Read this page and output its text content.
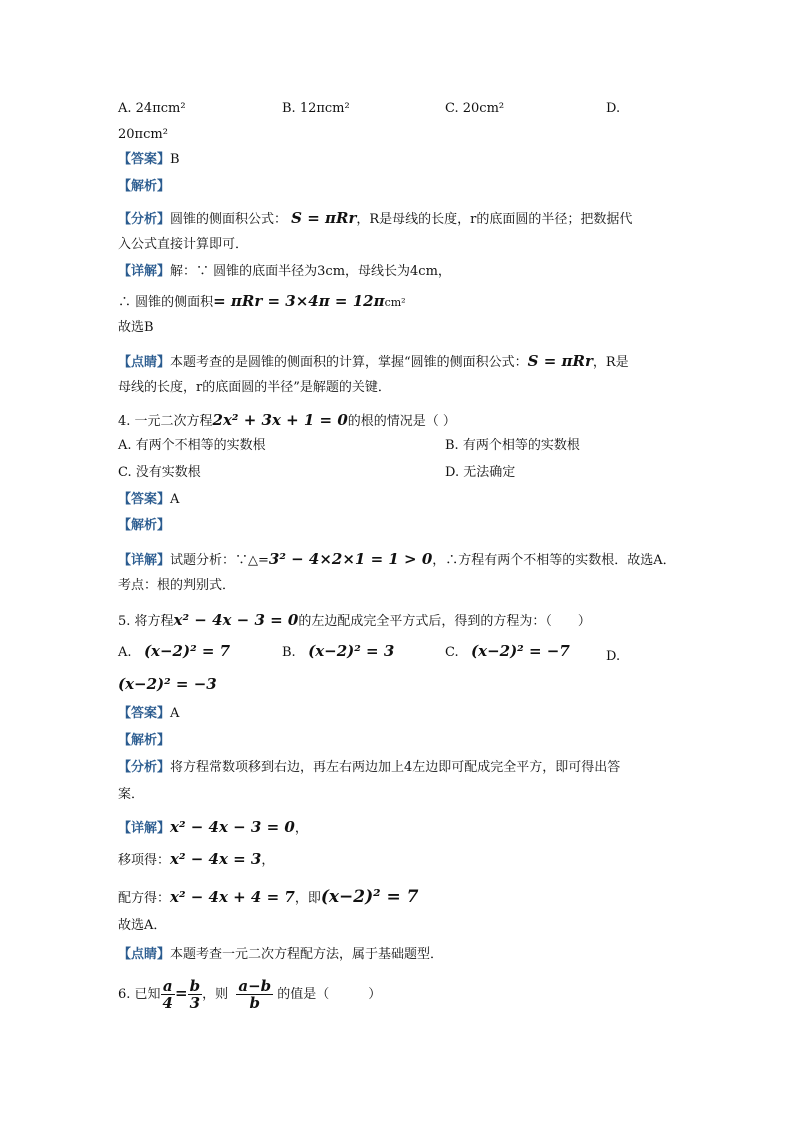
A. 24πcm²	B. 12πcm²	C. 20cm²	D.
20πcm²
【答案】B
【解析】
【分析】圆锥的侧面积公式： S = πRr，R是母线的长度，r的底面圆的半径；把数据代
入公式直接计算即可．
【详解】解：∵ 圆锥的底面半径为3cm，母线长为4cm，
∴ 圆锥的侧面积= πRr = 3×4π = 12πcm²
故选B
【点睛】本题考查的是圆锥的侧面积的计算，掌握“圆锥的侧面积公式：S = πRr，R是
母线的长度，r的底面圆的半径”是解题的关键．
4. 一元二次方程2x² + 3x + 1 = 0的根的情况是（ ）
A. 有两个不相等的实数根	B. 有两个相等的实数根
C. 没有实数根	D. 无法确定
【答案】A
【解析】
【详解】试题分析：∵△=3² − 4×2×1 = 1 > 0，∴方程有两个不相等的实数根．故选A．
考点：根的判别式．
5. 将方程x² − 4x − 3 = 0的左边配成完全平方式后，得到的方程为：（　　）
A. (x−2)² = 7	B. (x−2)² = 3	C. (x−2)² = −7	D.
(x−2)² = −3
【答案】A
【解析】
【分析】将方程常数项移到右边，再左右两边加上4左边即可配成完全平方，即可得出答
案．
【详解】x² − 4x − 3 = 0，
移项得：x² − 4x = 3，
配方得：x² − 4x + 4 = 7，即(x−2)² = 7
故选A．
【点睛】本题考查一元二次方程配方法，属于基础题型．
6. 已知 $\frac{a}{4} = \frac{b}{3}$ ，则 $\frac{a-b}{b}$ 的值是（　　　）
